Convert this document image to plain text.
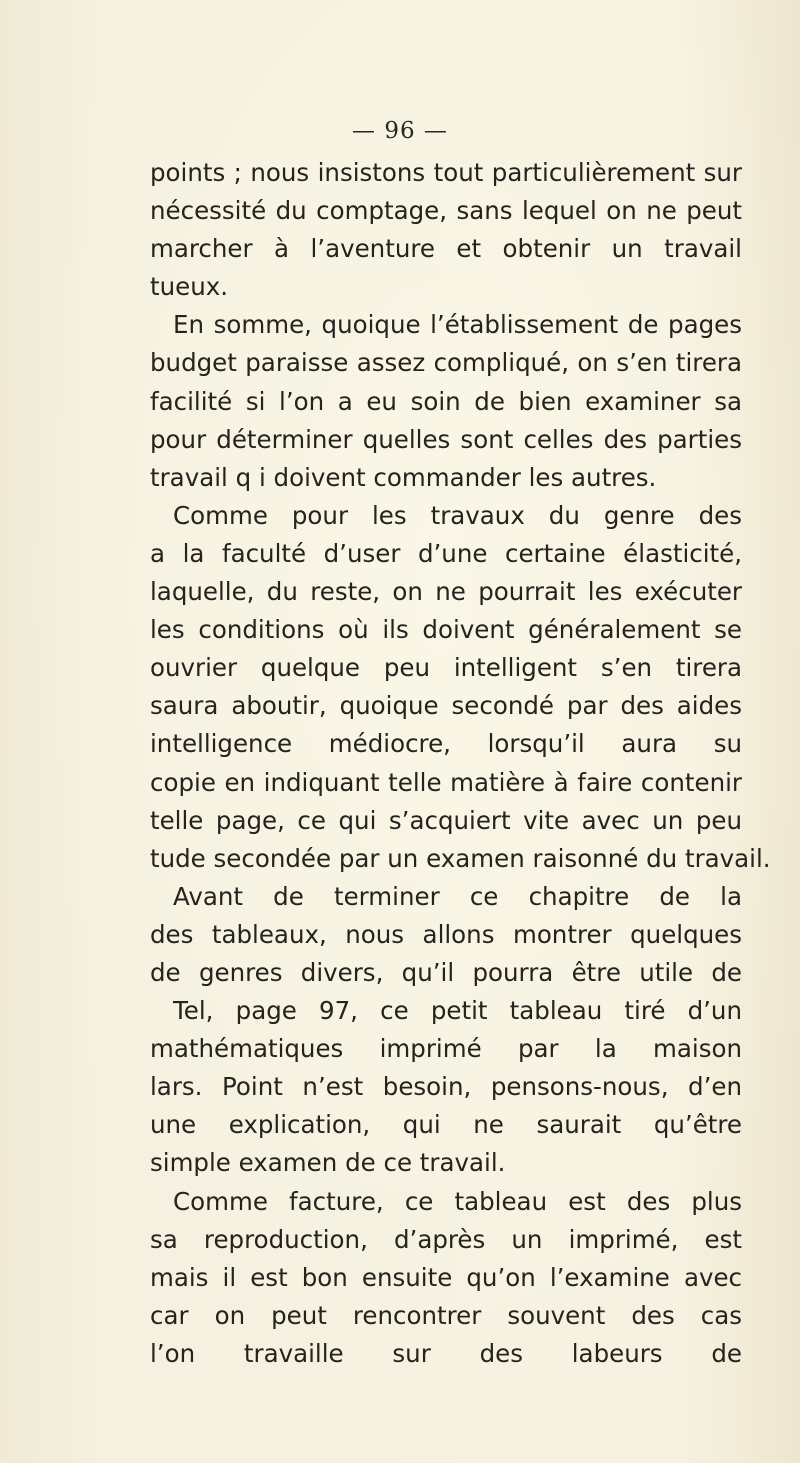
— 96 —
points ; nous insistons tout particulièrement sur
nécessité du comptage, sans lequel on ne peut
marcher à l’aventure et obtenir un travail
tueux.
En somme, quoique l’établissement de pages
budget paraisse assez compliqué, on s’en tirera
facilité si l’on a eu soin de bien examiner sa
pour déterminer quelles sont celles des parties
travail q i doivent commander les autres.
Comme pour les travaux du genre des
a la faculté d’user d’une certaine élasticité,
laquelle, du reste, on ne pourrait les exécuter
les conditions où ils doivent généralement se
ouvrier quelque peu intelligent s’en tirera
saura aboutir, quoique secondé par des aides
intelligence médiocre, lorsqu’il aura su
copie en indiquant telle matière à faire contenir
telle page, ce qui s’acquiert vite avec un peu
tude secondée par un examen raisonné du travail.
Avant de terminer ce chapitre de la
des tableaux, nous allons montrer quelques
de genres divers, qu’il pourra être utile de
Tel, page 97, ce petit tableau tiré d’un
mathématiques imprimé par la maison
lars. Point n’est besoin, pensons-nous, d’en
une explication, qui ne saurait qu’être
simple examen de ce travail.
Comme facture, ce tableau est des plus
sa reproduction, d’après un imprimé, est
mais il est bon ensuite qu’on l’examine avec
car on peut rencontrer souvent des cas
l’on travaille sur des labeurs de
